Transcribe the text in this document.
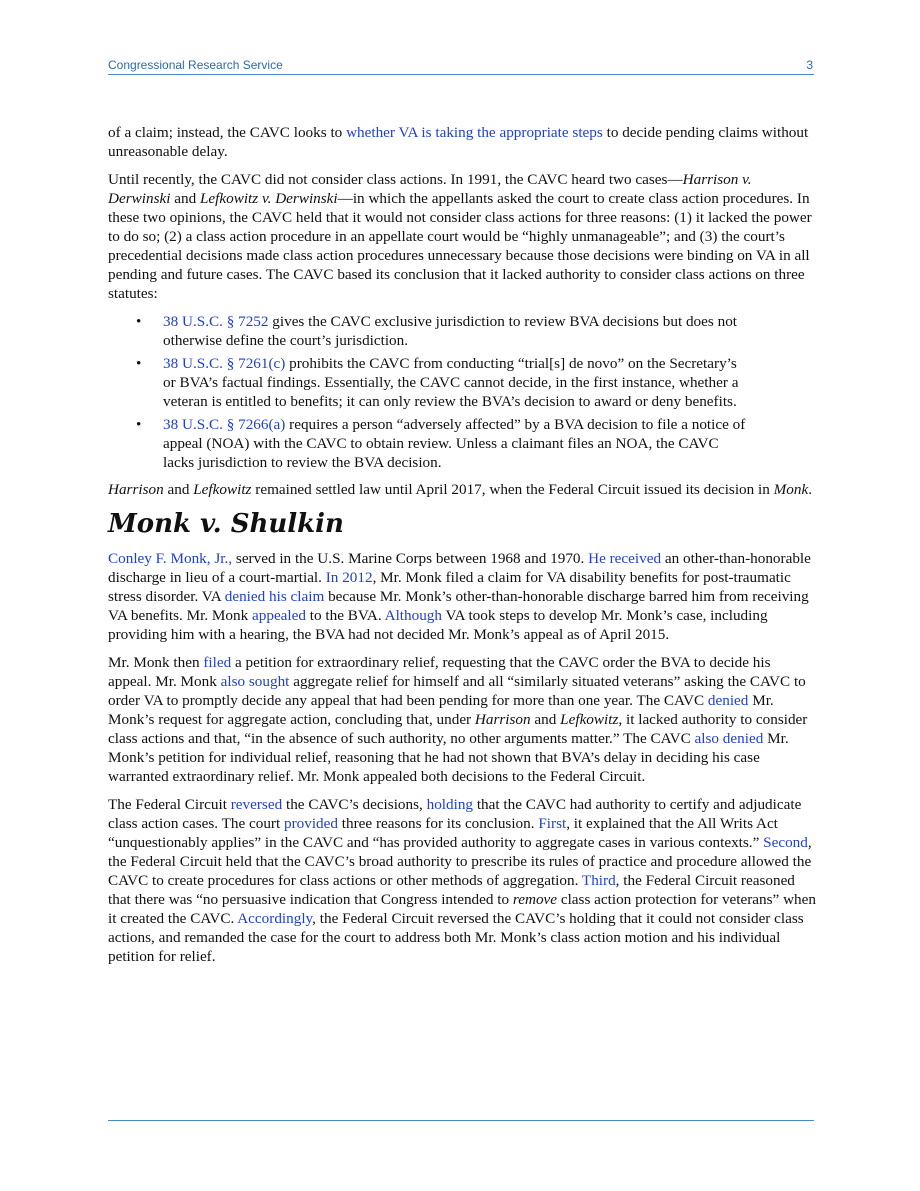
Congressional Research Service	3

of a claim; instead, the CAVC looks to whether VA is taking the appropriate steps to decide pending claims without unreasonable delay.

Until recently, the CAVC did not consider class actions. In 1991, the CAVC heard two cases—Harrison v. Derwinski and Lefkowitz v. Derwinski—in which the appellants asked the court to create class action procedures. In these two opinions, the CAVC held that it would not consider class actions for three reasons: (1) it lacked the power to do so; (2) a class action procedure in an appellate court would be “highly unmanageable”; and (3) the court’s precedential decisions made class action procedures unnecessary because those decisions were binding on VA in all pending and future cases. The CAVC based its conclusion that it lacked authority to consider class actions on three statutes:

• 38 U.S.C. § 7252 gives the CAVC exclusive jurisdiction to review BVA decisions but does not otherwise define the court’s jurisdiction.
• 38 U.S.C. § 7261(c) prohibits the CAVC from conducting “trial[s] de novo” on the Secretary’s or BVA’s factual findings. Essentially, the CAVC cannot decide, in the first instance, whether a veteran is entitled to benefits; it can only review the BVA’s decision to award or deny benefits.
• 38 U.S.C. § 7266(a) requires a person “adversely affected” by a BVA decision to file a notice of appeal (NOA) with the CAVC to obtain review. Unless a claimant files an NOA, the CAVC lacks jurisdiction to review the BVA decision.

Harrison and Lefkowitz remained settled law until April 2017, when the Federal Circuit issued its decision in Monk.

Monk v. Shulkin

Conley F. Monk, Jr., served in the U.S. Marine Corps between 1968 and 1970. He received an other-than-honorable discharge in lieu of a court-martial. In 2012, Mr. Monk filed a claim for VA disability benefits for post-traumatic stress disorder. VA denied his claim because Mr. Monk’s other-than-honorable discharge barred him from receiving VA benefits. Mr. Monk appealed to the BVA. Although VA took steps to develop Mr. Monk’s case, including providing him with a hearing, the BVA had not decided Mr. Monk’s appeal as of April 2015.

Mr. Monk then filed a petition for extraordinary relief, requesting that the CAVC order the BVA to decide his appeal. Mr. Monk also sought aggregate relief for himself and all “similarly situated veterans” asking the CAVC to order VA to promptly decide any appeal that had been pending for more than one year. The CAVC denied Mr. Monk’s request for aggregate action, concluding that, under Harrison and Lefkowitz, it lacked authority to consider class actions and that, “in the absence of such authority, no other arguments matter.” The CAVC also denied Mr. Monk’s petition for individual relief, reasoning that he had not shown that BVA’s delay in deciding his case warranted extraordinary relief. Mr. Monk appealed both decisions to the Federal Circuit.

The Federal Circuit reversed the CAVC’s decisions, holding that the CAVC had authority to certify and adjudicate class action cases. The court provided three reasons for its conclusion. First, it explained that the All Writs Act “unquestionably applies” in the CAVC and “has provided authority to aggregate cases in various contexts.” Second, the Federal Circuit held that the CAVC’s broad authority to prescribe its rules of practice and procedure allowed the CAVC to create procedures for class actions or other methods of aggregation. Third, the Federal Circuit reasoned that there was “no persuasive indication that Congress intended to remove class action protection for veterans” when it created the CAVC. Accordingly, the Federal Circuit reversed the CAVC’s holding that it could not consider class actions, and remanded the case for the court to address both Mr. Monk’s class action motion and his individual petition for relief.
